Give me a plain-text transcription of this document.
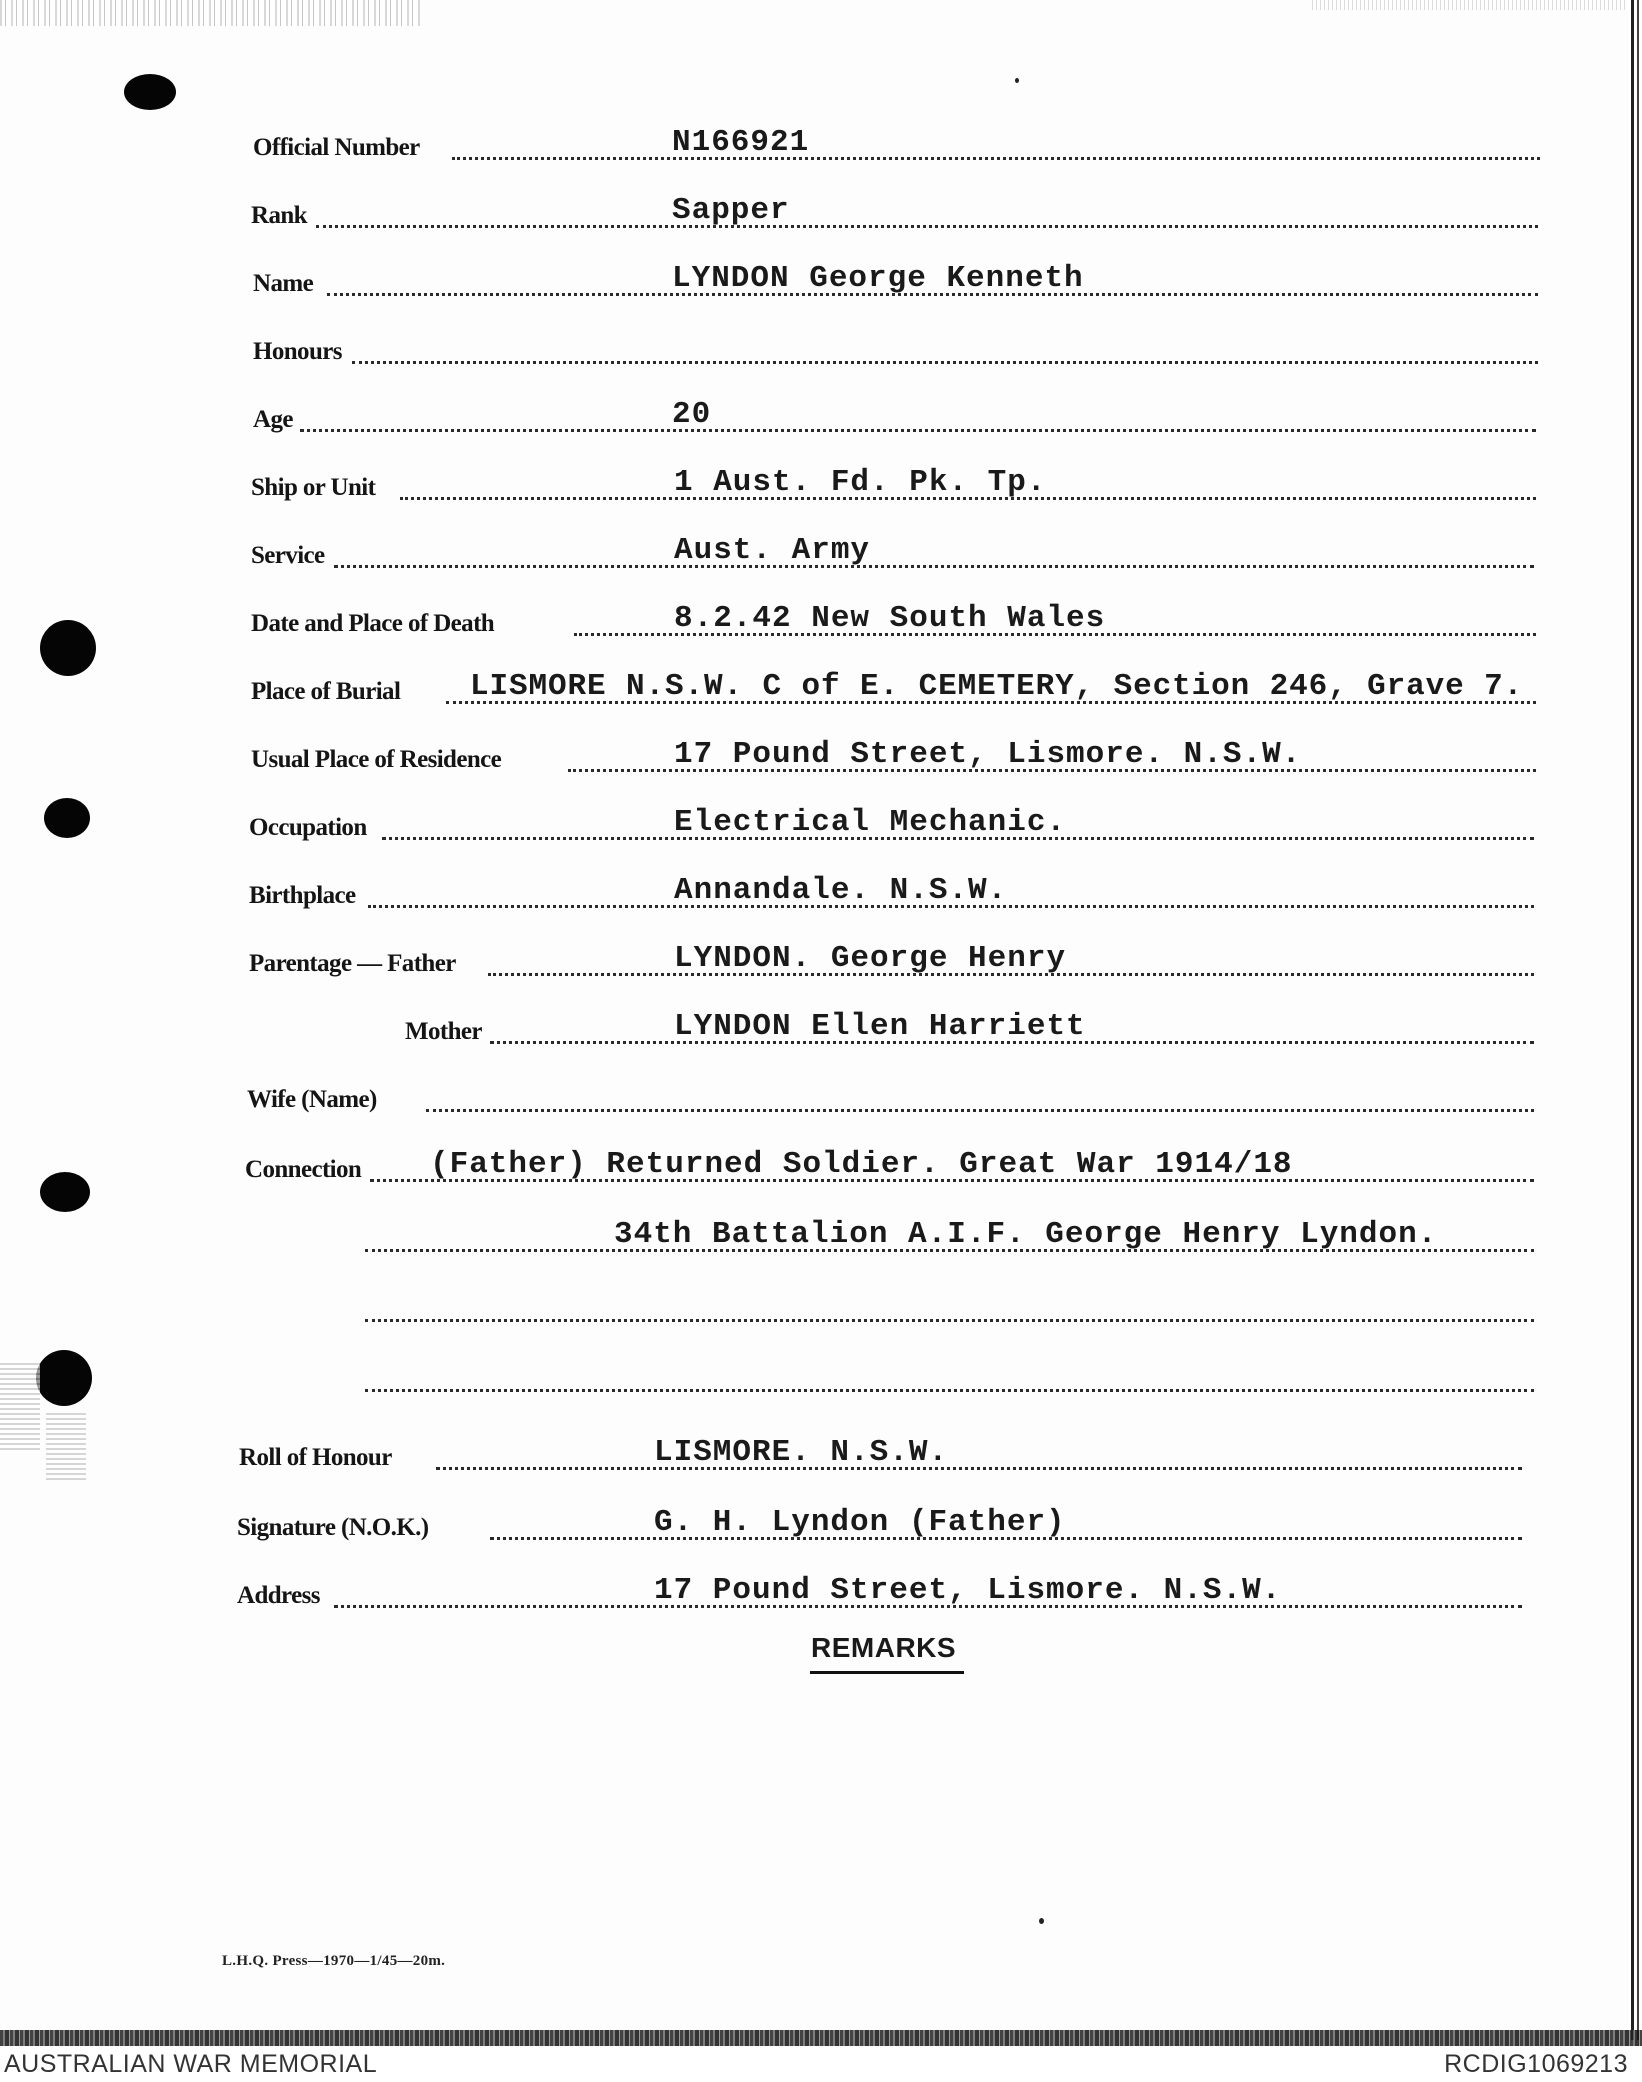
Official Number	N166921
Rank	Sapper
Name	LYNDON George Kenneth
Honours
Age	20
Ship or Unit	1 Aust. Fd. Pk. Tp.
Service	Aust. Army
Date and Place of Death	8.2.42 New South Wales
Place of Burial LISMORE N.S.W. C of E. CEMETERY, Section 246, Grave 7.
Usual Place of Residence	17 Pound Street, Lismore. N.S.W.
Occupation	Electrical Mechanic.
Birthplace	Annandale. N.S.W.
Parentage — Father	LYNDON. George Henry
Mother	LYNDON Ellen Harriett
Wife (Name)
Connection (Father) Returned Soldier. Great War 1914/18
34th Battalion A.I.F. George Henry Lyndon.
Roll of Honour	LISMORE. N.S.W.
Signature (N.O.K.)	G. H. Lyndon (Father)
Address	17 Pound Street, Lismore. N.S.W.
REMARKS
L.H.Q. Press—1970—1/45—20m.
AUSTRALIAN WAR MEMORIAL	RCDIG1069213
